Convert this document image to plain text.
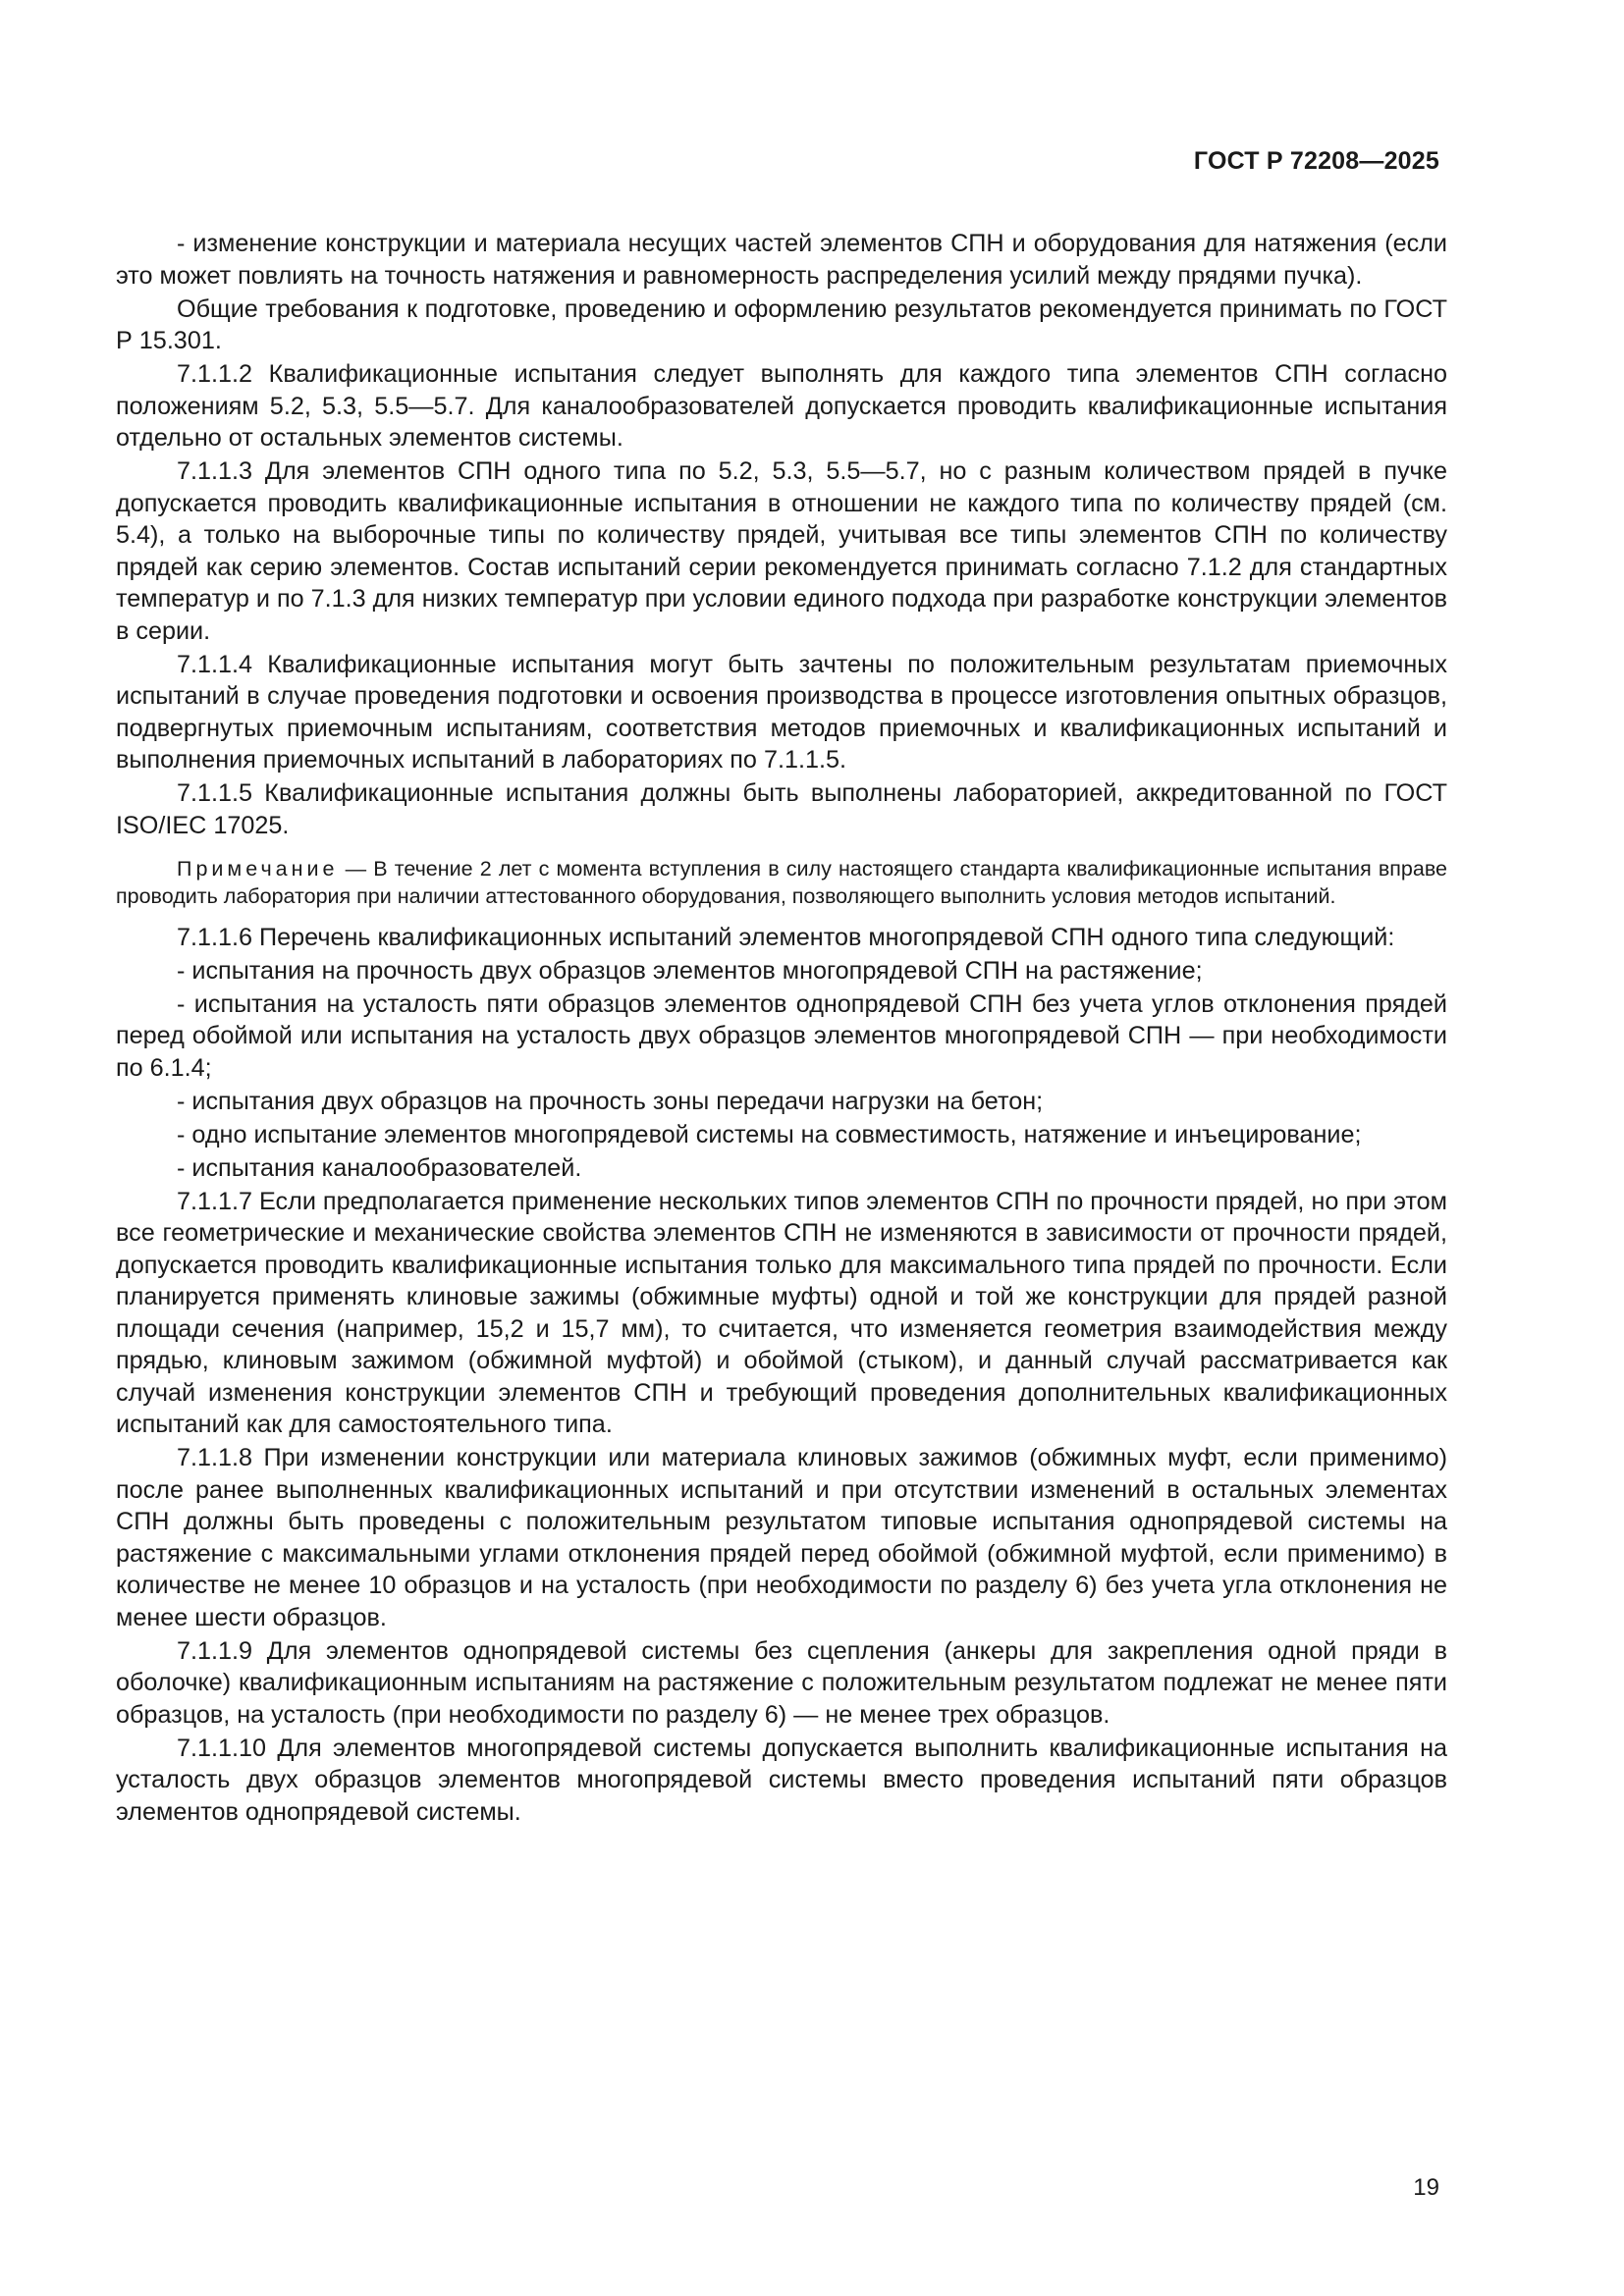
ГОСТ Р 72208—2025

- изменение конструкции и материала несущих частей элементов СПН и оборудования для натяжения (если это может повлиять на точность натяжения и равномерность распределения усилий между прядями пучка).

Общие требования к подготовке, проведению и оформлению результатов рекомендуется принимать по ГОСТ Р 15.301.

7.1.1.2 Квалификационные испытания следует выполнять для каждого типа элементов СПН согласно положениям 5.2, 5.3, 5.5—5.7. Для каналообразователей допускается проводить квалификационные испытания отдельно от остальных элементов системы.

7.1.1.3 Для элементов СПН одного типа по 5.2, 5.3, 5.5—5.7, но с разным количеством прядей в пучке допускается проводить квалификационные испытания в отношении не каждого типа по количеству прядей (см. 5.4), а только на выборочные типы по количеству прядей, учитывая все типы элементов СПН по количеству прядей как серию элементов. Состав испытаний серии рекомендуется принимать согласно 7.1.2 для стандартных температур и по 7.1.3 для низких температур при условии единого подхода при разработке конструкции элементов в серии.

7.1.1.4 Квалификационные испытания могут быть зачтены по положительным результатам приемочных испытаний в случае проведения подготовки и освоения производства в процессе изготовления опытных образцов, подвергнутых приемочным испытаниям, соответствия методов приемочных и квалификационных испытаний и выполнения приемочных испытаний в лабораториях по 7.1.1.5.

7.1.1.5 Квалификационные испытания должны быть выполнены лабораторией, аккредитованной по ГОСТ ISO/IEC 17025.

Примечание — В течение 2 лет с момента вступления в силу настоящего стандарта квалификационные испытания вправе проводить лаборатория при наличии аттестованного оборудования, позволяющего выполнить условия методов испытаний.

7.1.1.6 Перечень квалификационных испытаний элементов многопрядевой СПН одного типа следующий:

- испытания на прочность двух образцов элементов многопрядевой СПН на растяжение;

- испытания на усталость пяти образцов элементов однопрядевой СПН без учета углов отклонения прядей перед обоймой или испытания на усталость двух образцов элементов многопрядевой СПН — при необходимости по 6.1.4;

- испытания двух образцов на прочность зоны передачи нагрузки на бетон;

- одно испытание элементов многопрядевой системы на совместимость, натяжение и инъецирование;

- испытания каналообразователей.

7.1.1.7 Если предполагается применение нескольких типов элементов СПН по прочности прядей, но при этом все геометрические и механические свойства элементов СПН не изменяются в зависимости от прочности прядей, допускается проводить квалификационные испытания только для максимального типа прядей по прочности. Если планируется применять клиновые зажимы (обжимные муфты) одной и той же конструкции для прядей разной площади сечения (например, 15,2 и 15,7 мм), то считается, что изменяется геометрия взаимодействия между прядью, клиновым зажимом (обжимной муфтой) и обоймой (стыком), и данный случай рассматривается как случай изменения конструкции элементов СПН и требующий проведения дополнительных квалификационных испытаний как для самостоятельного типа.

7.1.1.8 При изменении конструкции или материала клиновых зажимов (обжимных муфт, если применимо) после ранее выполненных квалификационных испытаний и при отсутствии изменений в остальных элементах СПН должны быть проведены с положительным результатом типовые испытания однопрядевой системы на растяжение с максимальными углами отклонения прядей перед обоймой (обжимной муфтой, если применимо) в количестве не менее 10 образцов и на усталость (при необходимости по разделу 6) без учета угла отклонения не менее шести образцов.

7.1.1.9 Для элементов однопрядевой системы без сцепления (анкеры для закрепления одной пряди в оболочке) квалификационным испытаниям на растяжение с положительным результатом подлежат не менее пяти образцов, на усталость (при необходимости по разделу 6) — не менее трех образцов.

7.1.1.10 Для элементов многопрядевой системы допускается выполнить квалификационные испытания на усталость двух образцов элементов многопрядевой системы вместо проведения испытаний пяти образцов элементов однопрядевой системы.

19
